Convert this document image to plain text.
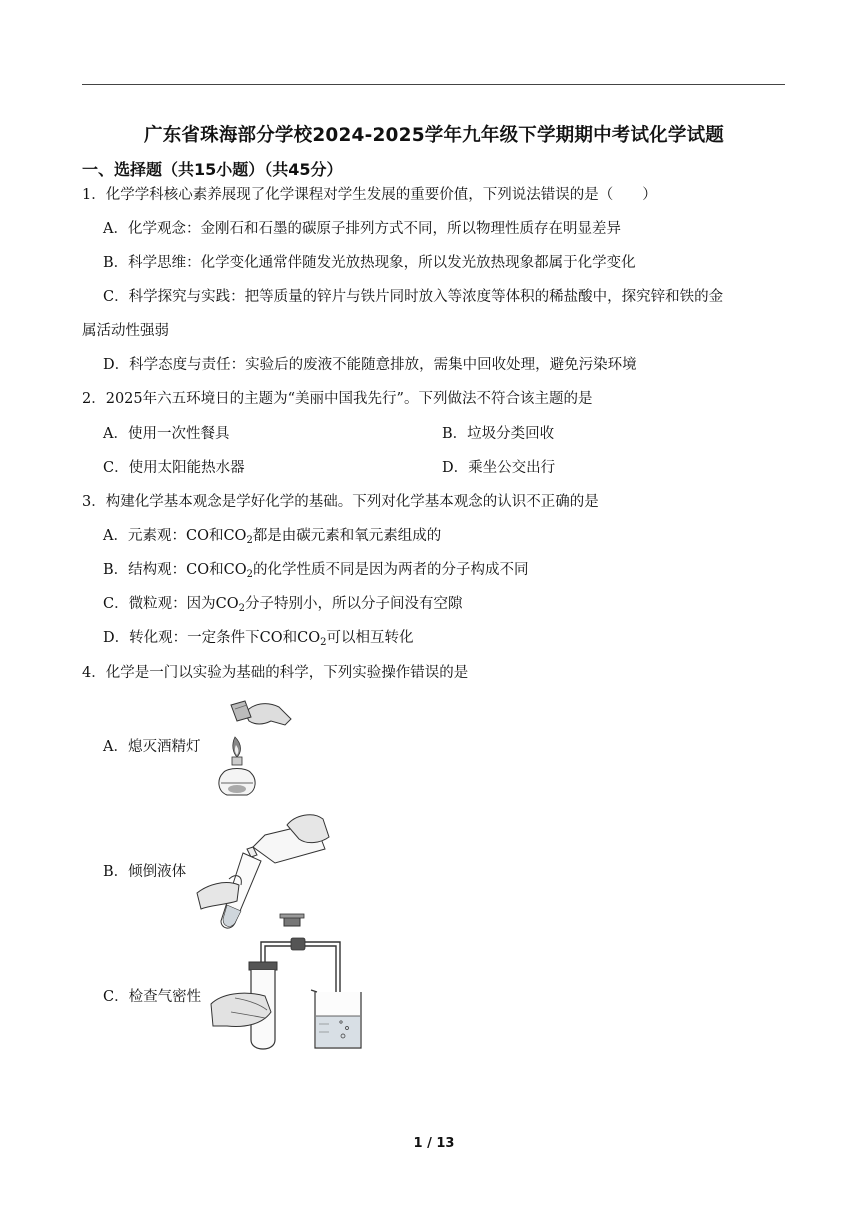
广东省珠海部分学校2024-2025学年九年级下学期期中考试化学试题
一、选择题（共15小题）（共45分）
1．化学学科核心素养展现了化学课程对学生发展的重要价值，下列说法错误的是（　　）
A．化学观念：金刚石和石墨的碳原子排列方式不同，所以物理性质存在明显差异
B．科学思维：化学变化通常伴随发光放热现象，所以发光放热现象都属于化学变化
C．科学探究与实践：把等质量的锌片与铁片同时放入等浓度等体积的稀盐酸中，探究锌和铁的金
属活动性强弱
D．科学态度与责任：实验后的废液不能随意排放，需集中回收处理，避免污染环境
2．2025年六五环境日的主题为“美丽中国我先行”。下列做法不符合该主题的是
A．使用一次性餐具	B．垃圾分类回收
C．使用太阳能热水器	D．乘坐公交出行
3．构建化学基本观念是学好化学的基础。下列对化学基本观念的认识不正确的是
A．元素观：CO和$CO_2$都是由碳元素和氧元素组成的
B．结构观：CO和$CO_2$的化学性质不同是因为两者的分子构成不同
C．微粒观：因为$CO_2$分子特别小，所以分子间没有空隙
D．转化观：一定条件下CO和$CO_2$可以相互转化
4．化学是一门以实验为基础的科学，下列实验操作错误的是
A．熄灭酒精灯
B．倾倒液体
C．检查气密性
1 / 13
